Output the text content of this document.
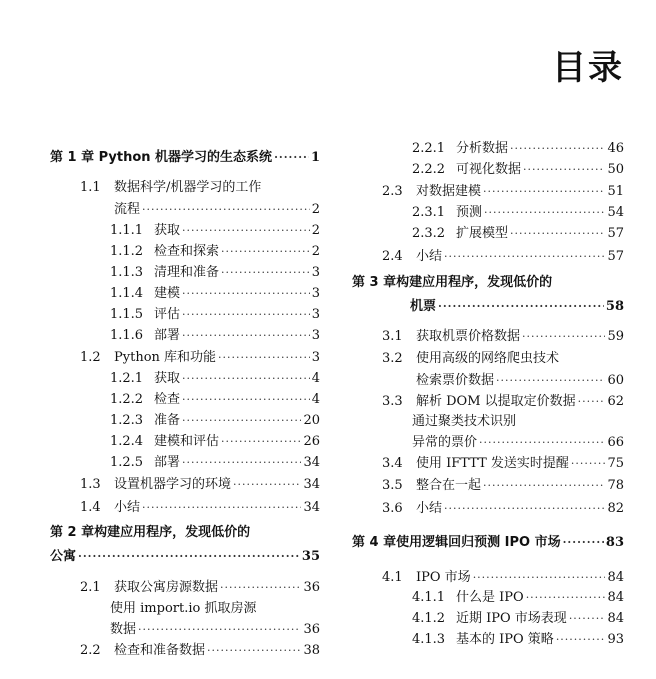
目录
第 1 章 Python 机器学习的生态系统 ·····	1
1.1	数据科学/机器学习的工作
流程 ·····	2
1.1.1 获取 ·····	2
1.1.2 检查和探索 ·····	2
1.1.3 清理和准备 ·····	3
1.1.4 建模 ·····	3
1.1.5 评估 ·····	3
1.1.6 部署 ·····	3
1.2	Python 库和功能 ·····	3
1.2.1 获取 ·····	4
1.2.2 检查 ·····	4
1.2.3 准备 ·····	20
1.2.4 建模和评估 ·····	26
1.2.5 部署 ·····	34
1.3	设置机器学习的环境 ·····	34
1.4	小结 ·····	34
第 2 章构建应用程序，发现低价的
公寓 ·····	35
2.1	获取公寓房源数据 ·····	36
使用 import.io 抓取房源
数据 ·····	36
2.2	检查和准备数据 ·····	38
2.2.1 分析数据 ·····	46
2.2.2 可视化数据 ·····	50
2.3	对数据建模 ·····	51
2.3.1 预测 ·····	54
2.3.2 扩展模型 ·····	57
2.4	小结 ·····	57
第 3 章构建应用程序，发现低价的
机票 ·····	58
3.1	获取机票价格数据 ·····	59
3.2	使用高级的网络爬虫技术
检索票价数据 ·····	60
3.3	解析 DOM 以提取定价数据 ····· 62
通过聚类技术识别
异常的票价 ·····	66
3.4	使用 IFTTT 发送实时提醒 ·····	75
3.5	整合在一起 ·····	78
3.6	小结 ·····	82
第 4 章使用逻辑回归预测 IPO 市场 ·····	83
4.1	IPO 市场 ·····	84
4.1.1 什么是 IPO ·····	84
4.1.2 近期 IPO 市场表现 ·····	84
4.1.3 基本的 IPO 策略 ·····	93
